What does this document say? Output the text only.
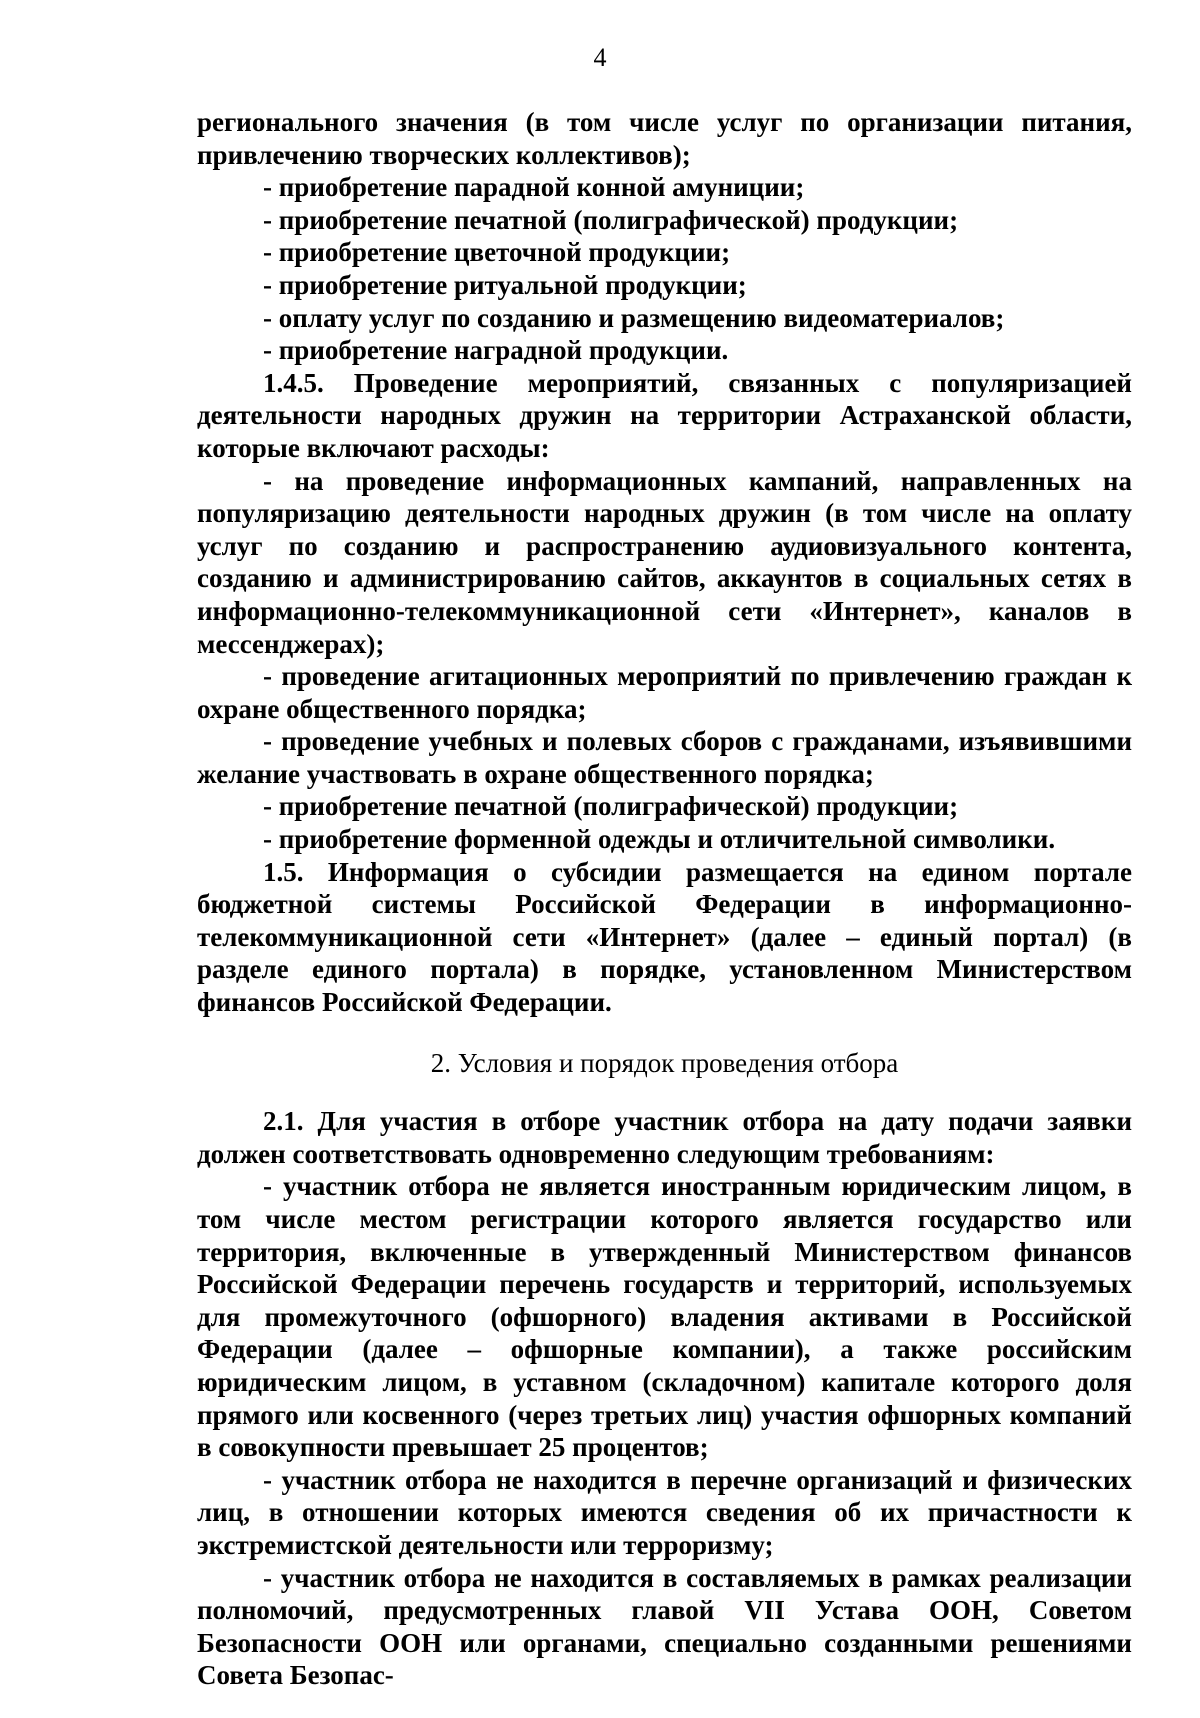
4

регионального значения (в том числе услуг по организации питания, привлечению творческих коллективов);

- приобретение парадной конной амуниции;

- приобретение печатной (полиграфической) продукции;

- приобретение цветочной продукции;

- приобретение ритуальной продукции;

- оплату услуг по созданию и размещению видеоматериалов;

- приобретение наградной продукции.

1.4.5. Проведение мероприятий, связанных с популяризацией деятельности народных дружин на территории Астраханской области, которые включают расходы:

- на проведение информационных кампаний, направленных на популяризацию деятельности народных дружин (в том числе на оплату услуг по созданию и распространению аудиовизуального контента, созданию и администрированию сайтов, аккаунтов в социальных сетях в информационно-телекоммуникационной сети «Интернет», каналов в мессенджерах);

- проведение агитационных мероприятий по привлечению граждан к охране общественного порядка;

- проведение учебных и полевых сборов с гражданами, изъявившими желание участвовать в охране общественного порядка;

- приобретение печатной (полиграфической) продукции;

- приобретение форменной одежды и отличительной символики.

1.5. Информация о субсидии размещается на едином портале бюджетной системы Российской Федерации в информационно-телекоммуникационной сети «Интернет» (далее – единый портал) (в разделе единого портала) в порядке, установленном Министерством финансов Российской Федерации.

2. Условия и порядок проведения отбора

2.1. Для участия в отборе участник отбора на дату подачи заявки должен соответствовать одновременно следующим требованиям:

- участник отбора не является иностранным юридическим лицом, в том числе местом регистрации которого является государство или территория, включенные в утвержденный Министерством финансов Российской Федерации перечень государств и территорий, используемых для промежуточного (офшорного) владения активами в Российской Федерации (далее – офшорные компании), а также российским юридическим лицом, в уставном (складочном) капитале которого доля прямого или косвенного (через третьих лиц) участия офшорных компаний в совокупности превышает 25 процентов;

- участник отбора не находится в перечне организаций и физических лиц, в отношении которых имеются сведения об их причастности к экстремистской деятельности или терроризму;

- участник отбора не находится в составляемых в рамках реализации полномочий, предусмотренных главой VII Устава ООН, Советом Безопасности ООН или органами, специально созданными решениями Совета Безопас-
